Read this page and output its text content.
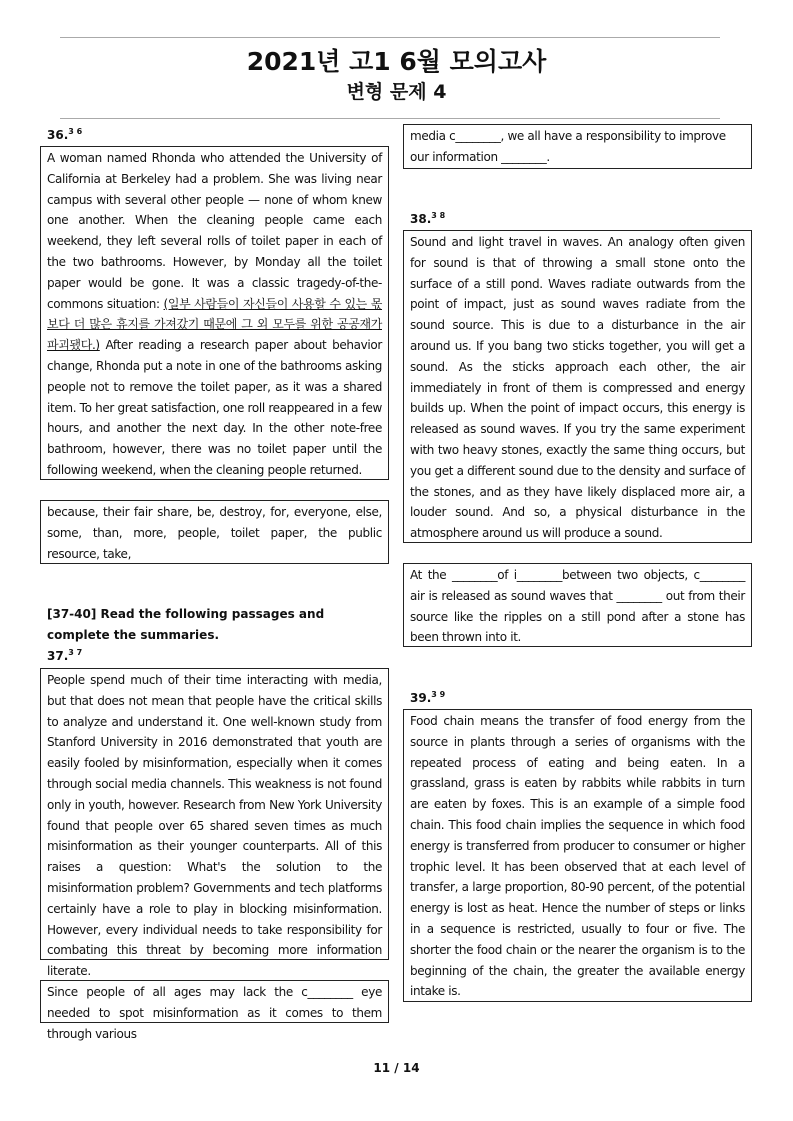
2021년 고1 6월 모의고사
변형 문제 4
36.$^{3 6}$
A woman named Rhonda who attended the University of California at Berkeley had a problem. She was living near campus with several other people — none of whom knew one another. When the cleaning people came each weekend, they left several rolls of toilet paper in each of the two bathrooms. However, by Monday all the toilet paper would be gone. It was a classic tragedy-of-the-commons situation: (일부 사람들이 자신들이 사용할 수 있는 몫보다 더 많은 휴지를 가져갔기 때문에 그 외 모두를 위한 공공재가 파괴됐다.) After reading a research paper about behavior change, Rhonda put a note in one of the bathrooms asking people not to remove the toilet paper, as it was a shared item. To her great satisfaction, one roll reappeared in a few hours, and another the next day. In the other note-free bathroom, however, there was no toilet paper until the following weekend, when the cleaning people returned.
because, their fair share, be, destroy, for, everyone, else, some, than, more, people, toilet paper, the public resource, take,
[37-40] Read the following passages and complete the summaries.
37.$^{3 7}$
People spend much of their time interacting with media, but that does not mean that people have the critical skills to analyze and understand it. One well-known study from Stanford University in 2016 demonstrated that youth are easily fooled by misinformation, especially when it comes through social media channels. This weakness is not found only in youth, however. Research from New York University found that people over 65 shared seven times as much misinformation as their younger counterparts. All of this raises a question: What's the solution to the misinformation problem? Governments and tech platforms certainly have a role to play in blocking misinformation. However, every individual needs to take responsibility for combating this threat by becoming more information literate.
Since people of all ages may lack the c________ eye needed to spot misinformation as it comes to them through various
media c________, we all have a responsibility to improve our information ________.
38.$^{3 8}$
Sound and light travel in waves. An analogy often given for sound is that of throwing a small stone onto the surface of a still pond. Waves radiate outwards from the point of impact, just as sound waves radiate from the sound source. This is due to a disturbance in the air around us. If you bang two sticks together, you will get a sound. As the sticks approach each other, the air immediately in front of them is compressed and energy builds up. When the point of impact occurs, this energy is released as sound waves. If you try the same experiment with two heavy stones, exactly the same thing occurs, but you get a different sound due to the density and surface of the stones, and as they have likely displaced more air, a louder sound. And so, a physical disturbance in the atmosphere around us will produce a sound.
At the ________of i________between two objects, c________ air is released as sound waves that ________ out from their source like the ripples on a still pond after a stone has been thrown into it.
39.$^{3 9}$
Food chain means the transfer of food energy from the source in plants through a series of organisms with the repeated process of eating and being eaten. In a grassland, grass is eaten by rabbits while rabbits in turn are eaten by foxes. This is an example of a simple food chain. This food chain implies the sequence in which food energy is transferred from producer to consumer or higher trophic level. It has been observed that at each level of transfer, a large proportion, 80-90 percent, of the potential energy is lost as heat. Hence the number of steps or links in a sequence is restricted, usually to four or five. The shorter the food chain or the nearer the organism is to the beginning of the chain, the greater the available energy intake is.
11 / 14
